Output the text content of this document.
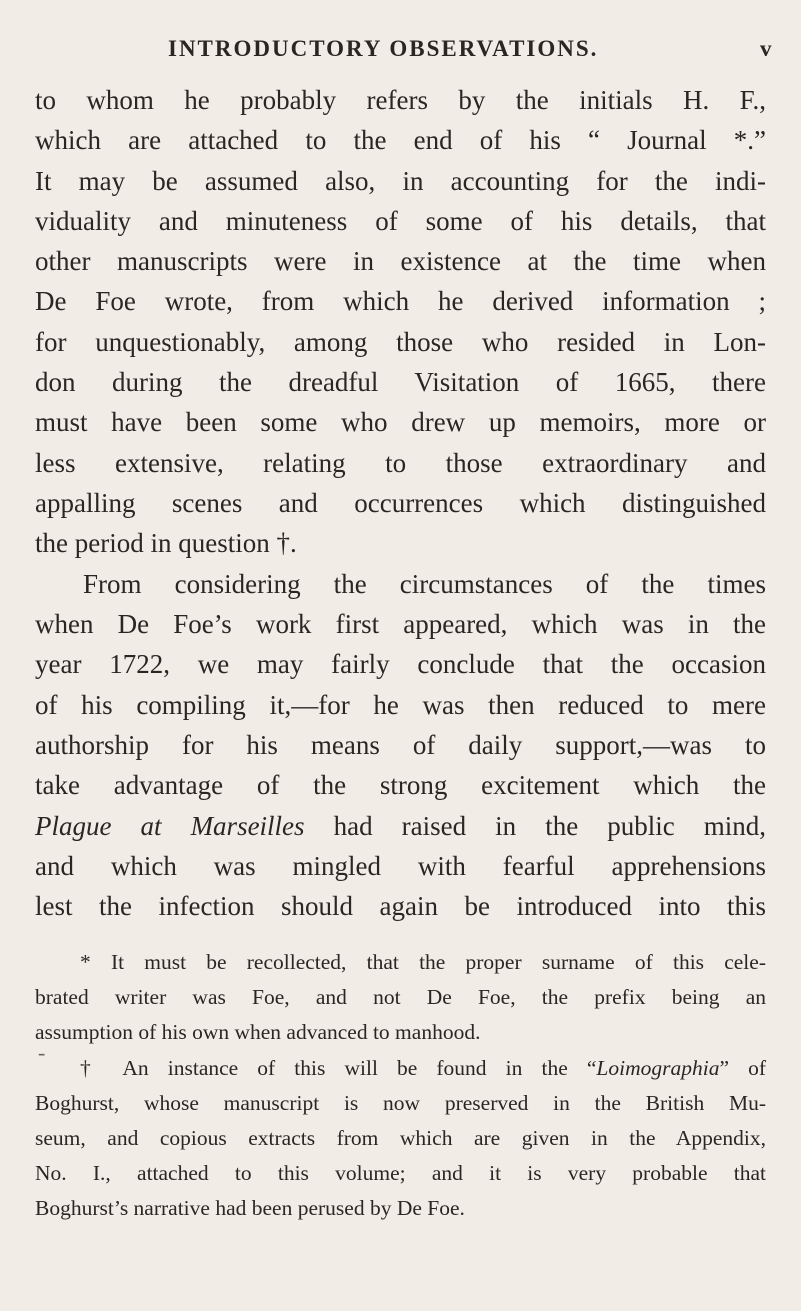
INTRODUCTORY OBSERVATIONS.	v
to whom he probably refers by the initials H. F.,
which are attached to the end of his “ Journal *.”
It may be assumed also, in accounting for the indi-
viduality and minuteness of some of his details, that
other manuscripts were in existence at the time when
De Foe wrote, from which he derived information ;
for unquestionably, among those who resided in Lon-
don during the dreadful Visitation of 1665, there
must have been some who drew up memoirs, more or
less extensive, relating to those extraordinary and
appalling scenes and occurrences which distinguished
the period in question †.
From considering the circumstances of the times
when De Foe’s work first appeared, which was in the
year 1722, we may fairly conclude that the occasion
of his compiling it,—for he was then reduced to mere
authorship for his means of daily support,—was to
take advantage of the strong excitement which the
Plague at Marseilles had raised in the public mind,
and which was mingled with fearful apprehensions
lest the infection should again be introduced into this
* It must be recollected, that the proper surname of this cele-
brated writer was Foe, and not De Foe, the prefix being an
assumption of his own when advanced to manhood.
-
† An instance of this will be found in the “Loimographia” of
Boghurst, whose manuscript is now preserved in the British Mu-
seum, and copious extracts from which are given in the Appendix,
No. I., attached to this volume; and it is very probable that
Boghurst’s narrative had been perused by De Foe.
